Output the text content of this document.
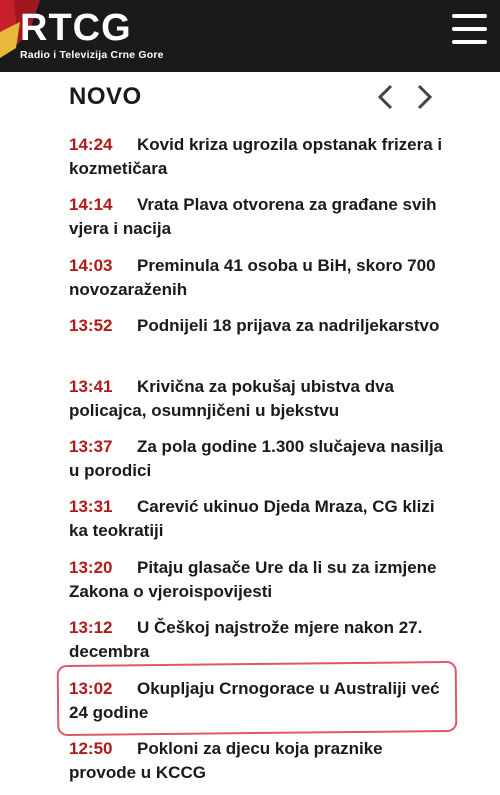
RTCG
Radio i Televizija Crne Gore
NOVO
14:24 Kovid kriza ugrozila opstanak frizera i kozmetičara
14:14 Vrata Plava otvorena za građane svih vjera i nacija
14:03 Preminula 41 osoba u BiH, skoro 700 novozaraženih
13:52 Podnijeli 18 prijava za nadriljekarstvo
13:41 Krivična za pokušaj ubistva dva policajca, osumnjičeni u bjekstvu
13:37 Za pola godine 1.300 slučajeva nasilja u porodici
13:31 Carević ukinuo Djeda Mraza, CG klizi ka teokratiji
13:20 Pitaju glasače Ure da li su za izmjene Zakona o vjeroispovijesti
13:12 U Češkoj najstrože mjere nakon 27. decembra
13:02 Okupljaju Crnogorace u Australiji već 24 godine
12:50 Pokloni za djecu koja praznike provode u KCCG
